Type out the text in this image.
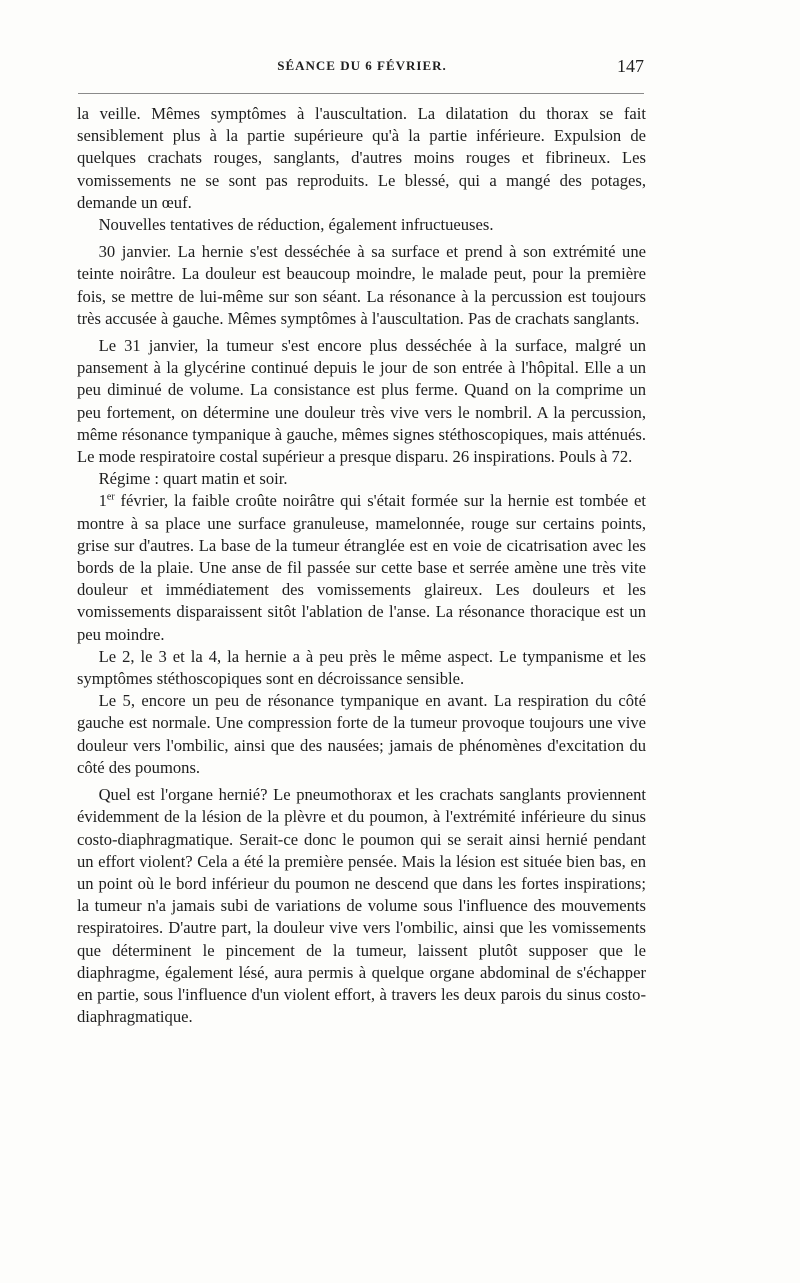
SÉANCE DU 6 FÉVRIER.	147

la veille. Mêmes symptômes à l'auscultation. La dilatation du thorax se fait sensiblement plus à la partie supérieure qu'à la partie inférieure. Expulsion de quelques crachats rouges, sanglants, d'autres moins rouges et fibrineux. Les vomissements ne se sont pas reproduits. Le blessé, qui a mangé des potages, demande un œuf.

Nouvelles tentatives de réduction, également infructueuses.

30 janvier. La hernie s'est desséchée à sa surface et prend à son extrémité une teinte noirâtre. La douleur est beaucoup moindre, le malade peut, pour la première fois, se mettre de lui-même sur son séant. La résonance à la percussion est toujours très accusée à gauche. Mêmes symptômes à l'auscultation. Pas de crachats sanglants.

Le 31 janvier, la tumeur s'est encore plus desséchée à la surface, malgré un pansement à la glycérine continué depuis le jour de son entrée à l'hôpital. Elle a un peu diminué de volume. La consistance est plus ferme. Quand on la comprime un peu fortement, on détermine une douleur très vive vers le nombril. A la percussion, même résonance tympanique à gauche, mêmes signes stéthoscopiques, mais atténués. Le mode respiratoire costal supérieur a presque disparu. 26 inspirations. Pouls à 72.

Régime : quart matin et soir.

1er février, la faible croûte noirâtre qui s'était formée sur la hernie est tombée et montre à sa place une surface granuleuse, mamelonnée, rouge sur certains points, grise sur d'autres. La base de la tumeur étranglée est en voie de cicatrisation avec les bords de la plaie. Une anse de fil passée sur cette base et serrée amène une très vite douleur et immédiatement des vomissements glaireux. Les douleurs et les vomissements disparaissent sitôt l'ablation de l'anse. La résonance thoracique est un peu moindre.

Le 2, le 3 et la 4, la hernie a à peu près le même aspect. Le tympanisme et les symptômes stéthoscopiques sont en décroissance sensible.

Le 5, encore un peu de résonance tympanique en avant. La respiration du côté gauche est normale. Une compression forte de la tumeur provoque toujours une vive douleur vers l'ombilic, ainsi que des nausées; jamais de phénomènes d'excitation du côté des poumons.

Quel est l'organe hernié? Le pneumothorax et les crachats sanglants proviennent évidemment de la lésion de la plèvre et du poumon, à l'extrémité inférieure du sinus costo-diaphragmatique. Serait-ce donc le poumon qui se serait ainsi hernié pendant un effort violent? Cela a été la première pensée. Mais la lésion est située bien bas, en un point où le bord inférieur du poumon ne descend que dans les fortes inspirations; la tumeur n'a jamais subi de variations de volume sous l'influence des mouvements respiratoires. D'autre part, la douleur vive vers l'ombilic, ainsi que les vomissements que déterminent le pincement de la tumeur, laissent plutôt supposer que le diaphragme, également lésé, aura permis à quelque organe abdominal de s'échapper en partie, sous l'influence d'un violent effort, à travers les deux parois du sinus costo-diaphragmatique.
